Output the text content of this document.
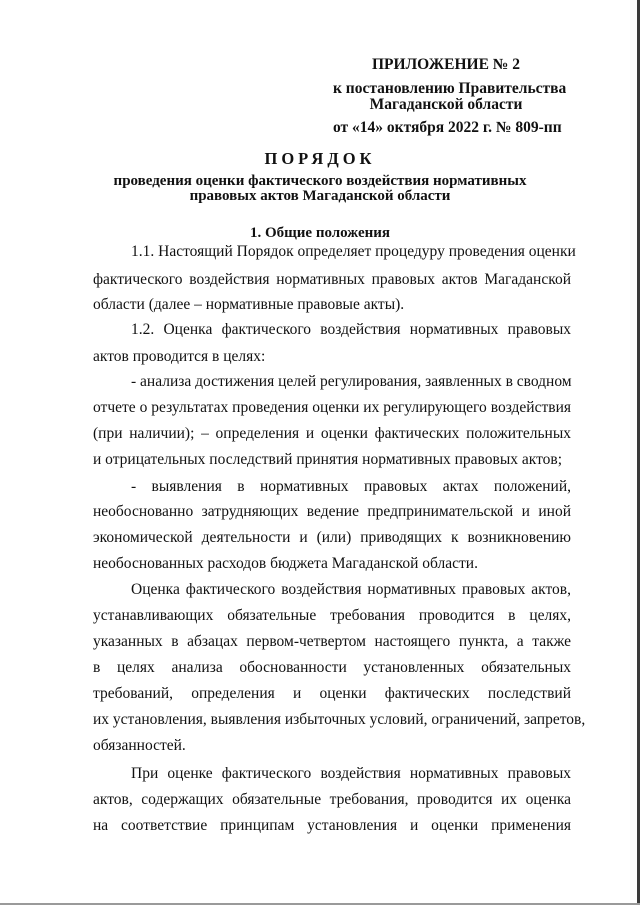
ПРИЛОЖЕНИЕ № 2
к постановлению Правительства
Магаданской области
от «14» октября 2022 г. № 809-пп
ПОРЯДОК
проведения оценки фактического воздействия нормативных
правовых актов Магаданской области
1. Общие положения
1.1. Настоящий Порядок определяет процедуру проведения оценки
фактического воздействия нормативных правовых актов Магаданской
области (далее – нормативные правовые акты).
1.2. Оценка фактического воздействия нормативных правовых
актов проводится в целях:
- анализа достижения целей регулирования, заявленных в сводном
отчете о результатах проведения оценки их регулирующего воздействия
(при наличии); – определения и оценки фактических положительных
и отрицательных последствий принятия нормативных правовых актов;
- выявления в нормативных правовых актах положений,
необоснованно затрудняющих ведение предпринимательской и иной
экономической деятельности и (или) приводящих к возникновению
необоснованных расходов бюджета Магаданской области.
Оценка фактического воздействия нормативных правовых актов,
устанавливающих обязательные требования проводится в целях,
указанных в абзацах первом-четвертом настоящего пункта, а также
в целях анализа обоснованности установленных обязательных
требований, определения и оценки фактических последствий
их установления, выявления избыточных условий, ограничений, запретов,
обязанностей.
При оценке фактического воздействия нормативных правовых
актов, содержащих обязательные требования, проводится их оценка
на соответствие принципам установления и оценки применения
